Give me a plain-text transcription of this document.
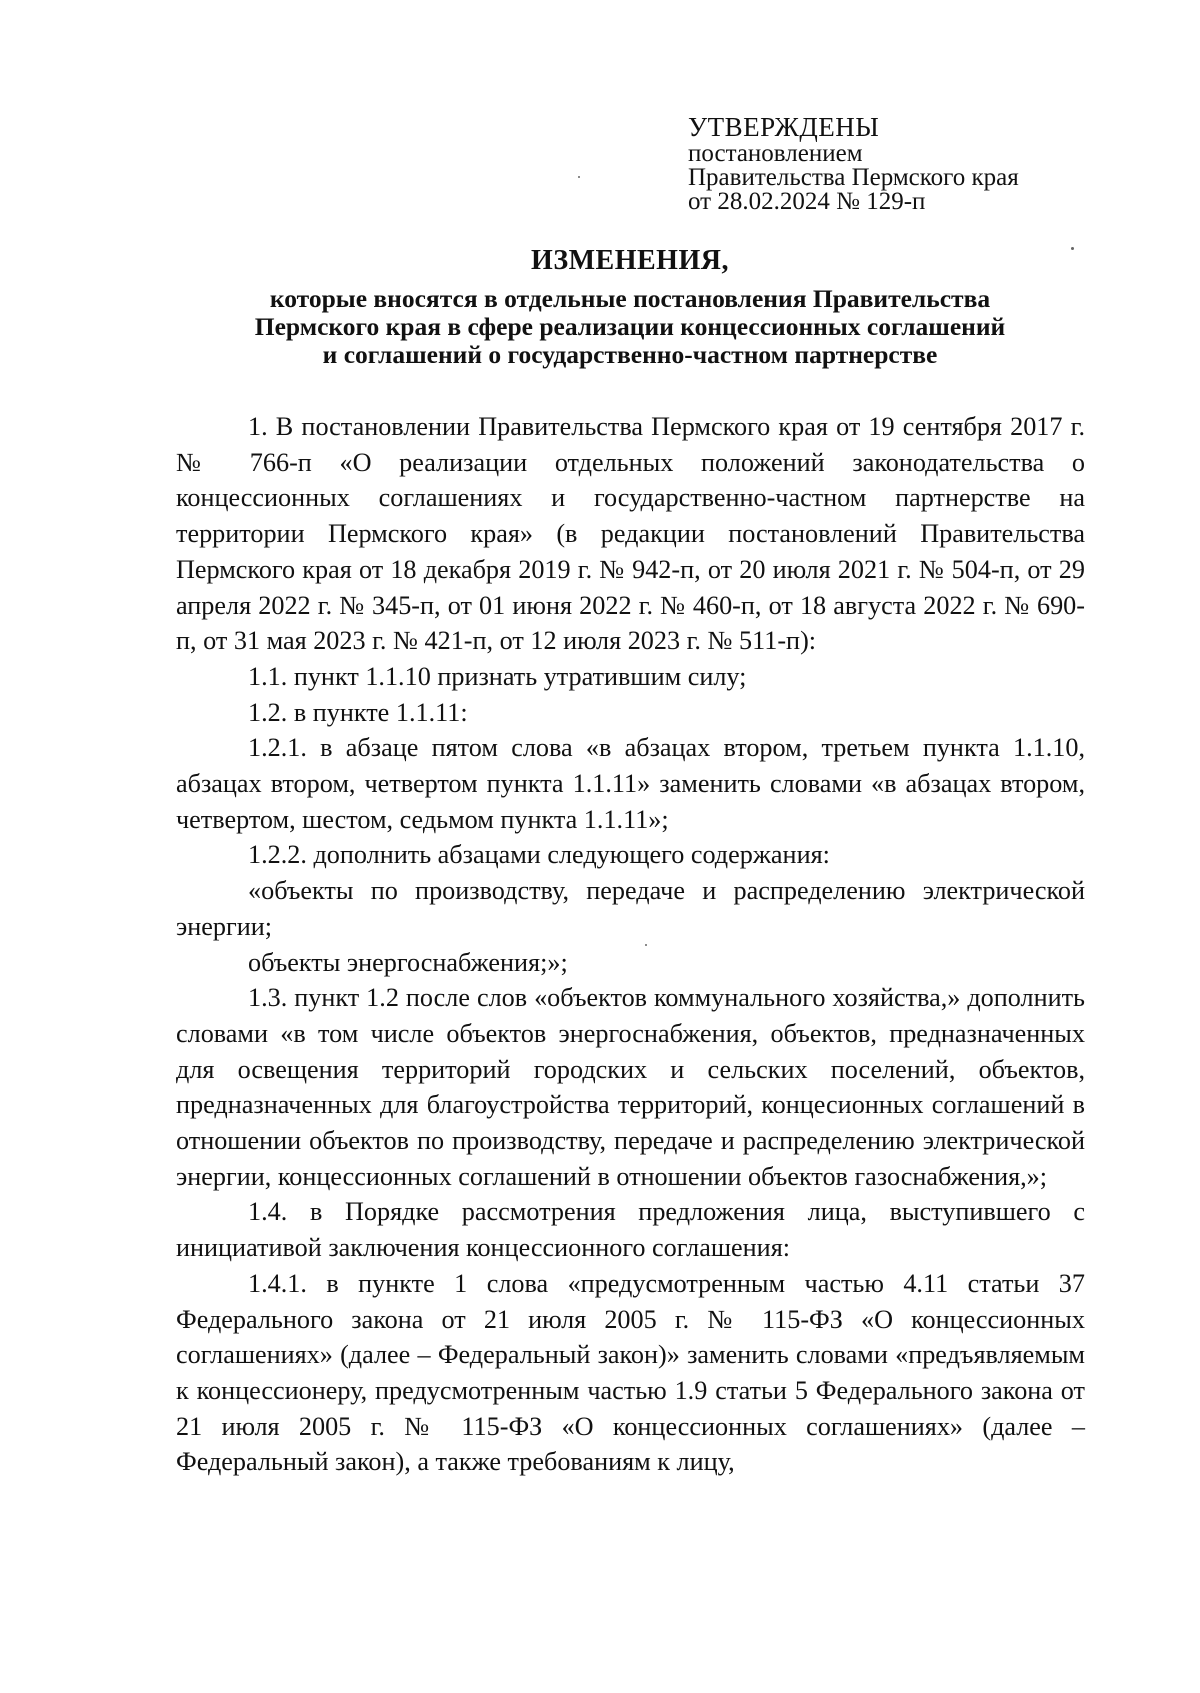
УТВЕРЖДЕНЫ
постановлением
Правительства Пермского края
от 28.02.2024 № 129-п
ИЗМЕНЕНИЯ,
которые вносятся в отдельные постановления Правительства
Пермского края в сфере реализации концессионных соглашений
и соглашений о государственно-частном партнерстве

1. В постановлении Правительства Пермского края от 19 сентября 2017 г. № 766-п «О реализации отдельных положений законодательства о концессионных соглашениях и государственно-частном партнерстве на территории Пермского края» (в редакции постановлений Правительства Пермского края от 18 декабря 2019 г. № 942-п, от 20 июля 2021 г. № 504-п, от 29 апреля 2022 г. № 345-п, от 01 июня 2022 г. № 460-п, от 18 августа 2022 г. № 690-п, от 31 мая 2023 г. № 421-п, от 12 июля 2023 г. № 511-п):

1.1. пункт 1.1.10 признать утратившим силу;

1.2. в пункте 1.1.11:

1.2.1. в абзаце пятом слова «в абзацах втором, третьем пункта 1.1.10, абзацах втором, четвертом пункта 1.1.11» заменить словами «в абзацах втором, четвертом, шестом, седьмом пункта 1.1.11»;

1.2.2. дополнить абзацами следующего содержания:

«объекты по производству, передаче и распределению электрической энергии;

объекты энергоснабжения;»;

1.3. пункт 1.2 после слов «объектов коммунального хозяйства,» дополнить словами «в том числе объектов энергоснабжения, объектов, предназначенных для освещения территорий городских и сельских поселений, объектов, предназначенных для благоустройства территорий, концесионных соглашений в отношении объектов по производству, передаче и распределению электрической энергии, концессионных соглашений в отношении объектов газоснабжения,»;

1.4. в Порядке рассмотрения предложения лица, выступившего с инициативой заключения концессионного соглашения:

1.4.1. в пункте 1 слова «предусмотренным частью 4.11 статьи 37 Федерального закона от 21 июля 2005 г. № 115-ФЗ «О концессионных соглашениях» (далее – Федеральный закон)» заменить словами «предъявляемым к концессионеру, предусмотренным частью 1.9 статьи 5 Федерального закона от 21 июля 2005 г. № 115-ФЗ «О концессионных соглашениях» (далее – Федеральный закон), а также требованиям к лицу,
